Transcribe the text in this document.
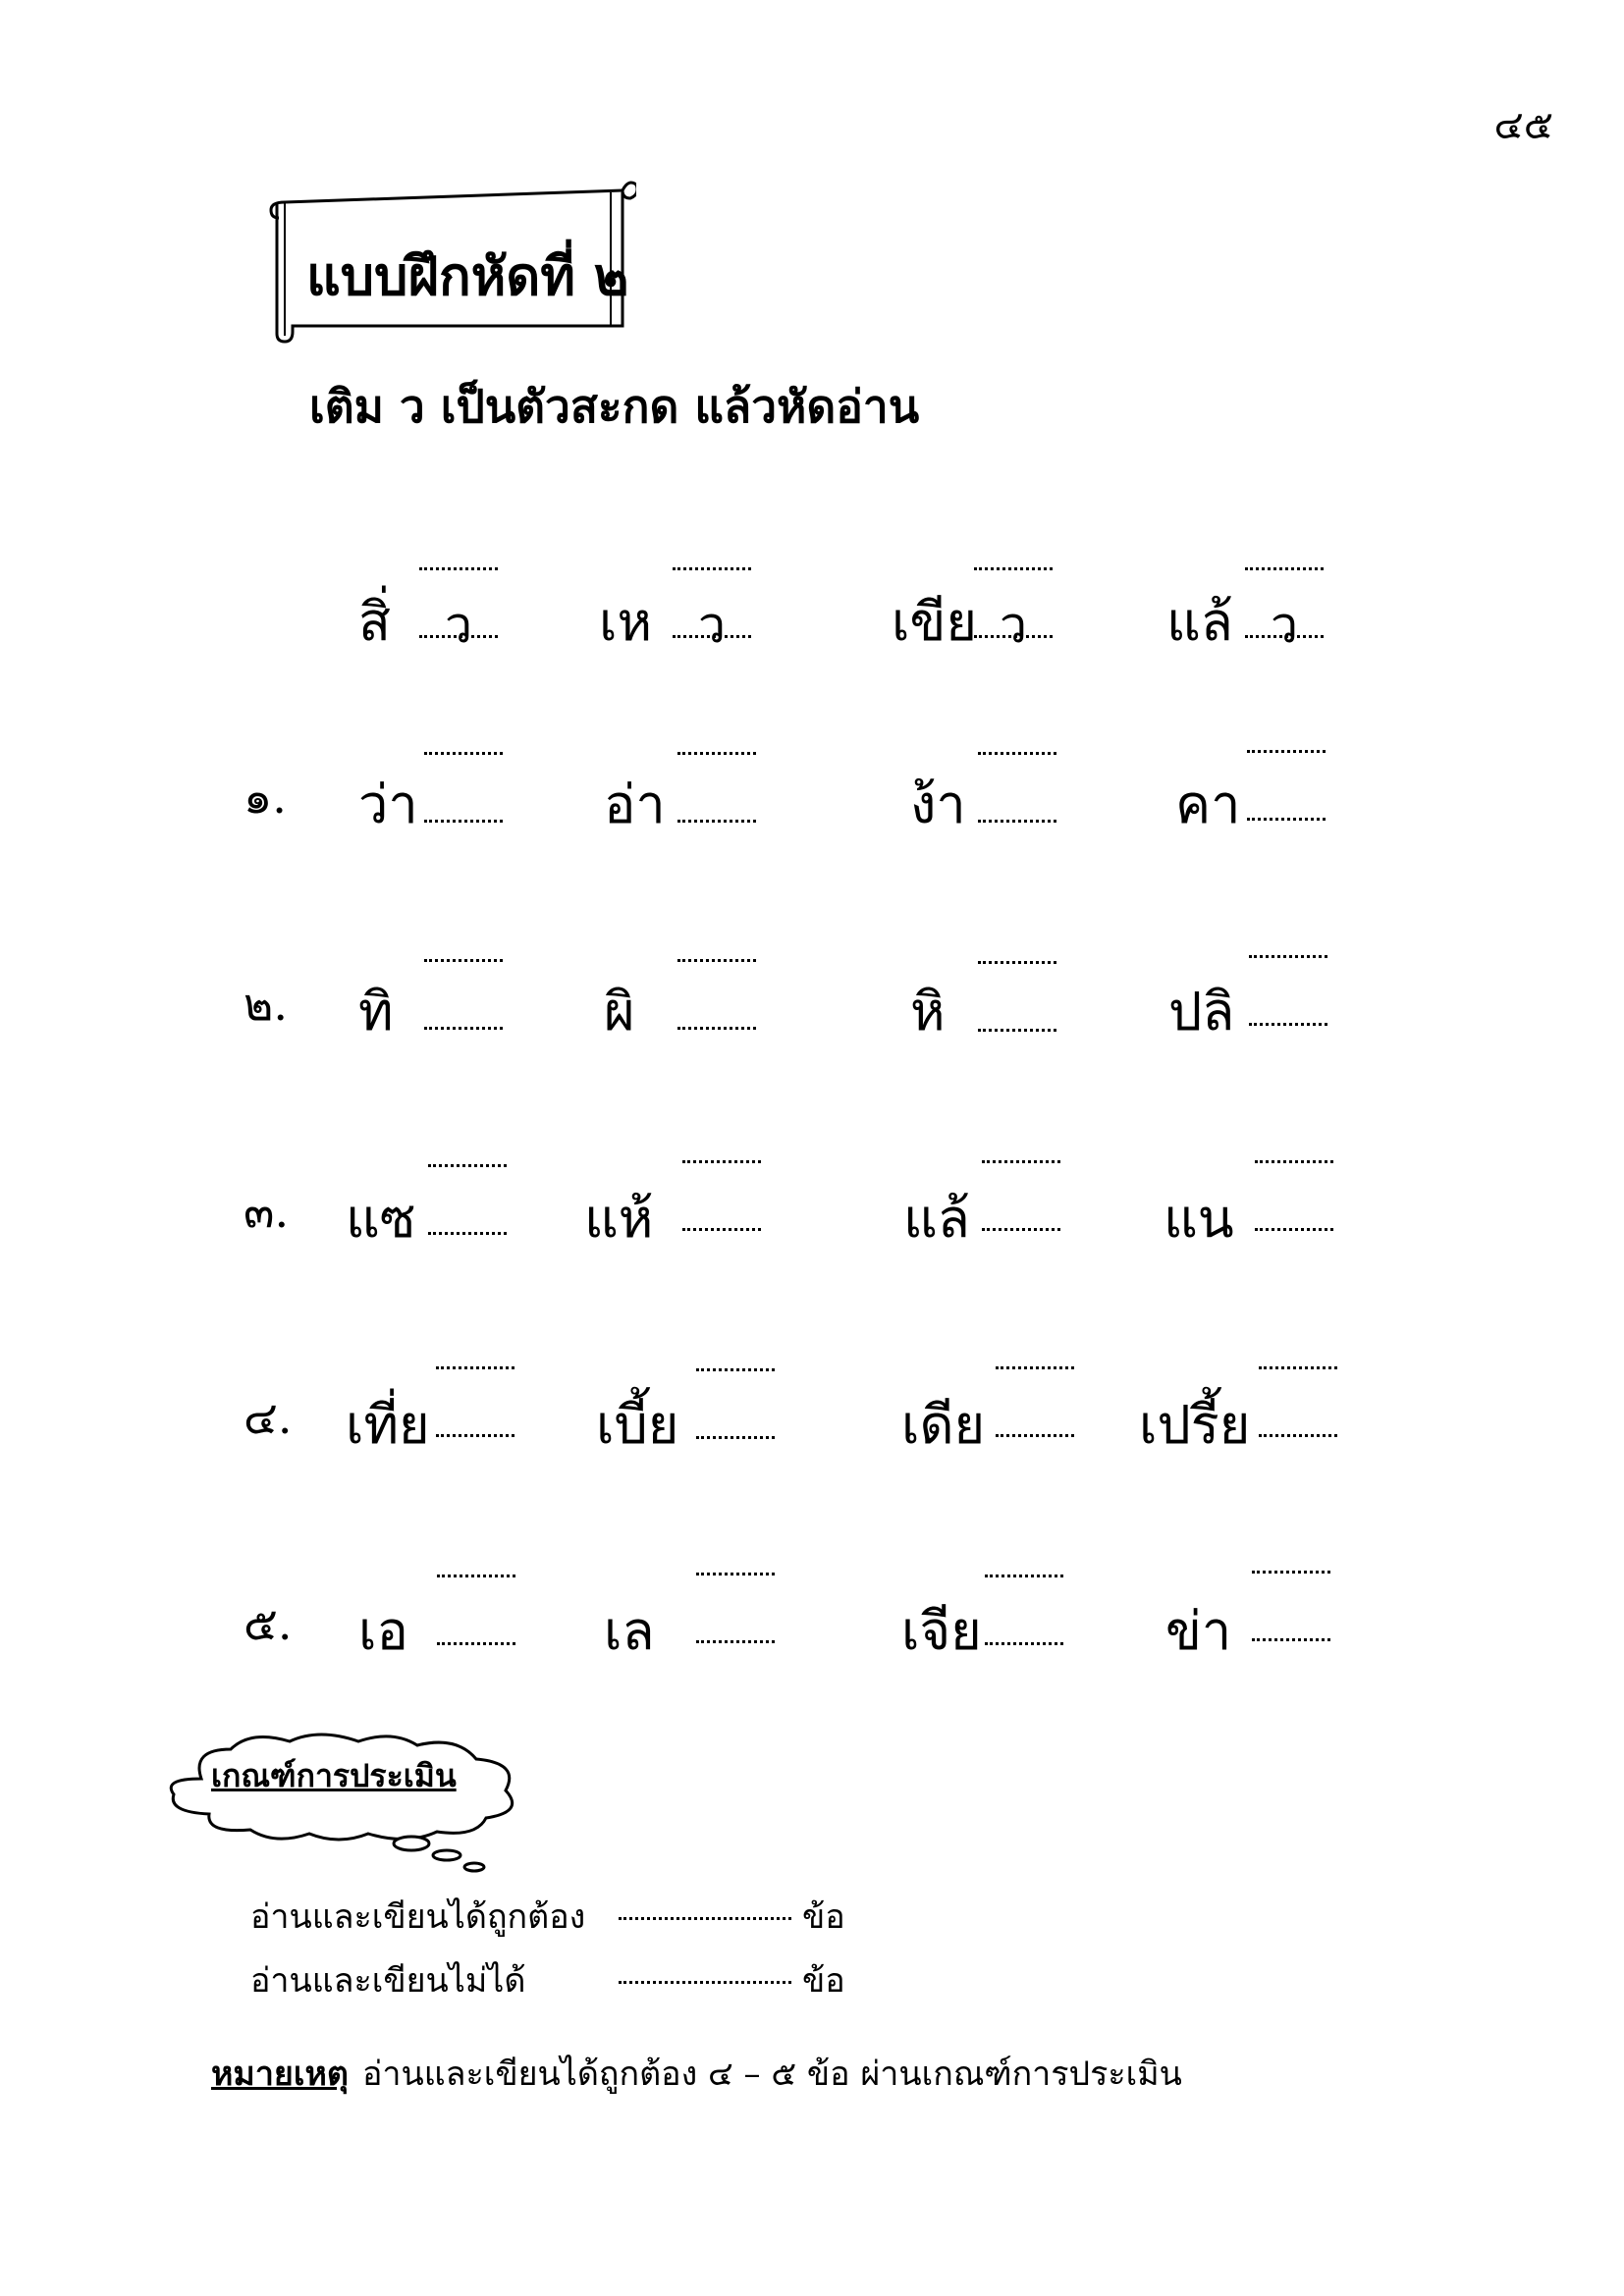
๔๕
แบบฝึกหัดที่ ๒
เติม ว เป็นตัวสะกด แล้วหัดอ่าน
สิ่	ว	เห ว	เขีย ว	แล้ ว
๑. ว่า	อ่า	ง้า	คา
๒. ทิ	ผิ	หิ	ปลิ
๓. แซ	แห้	แล้	แน
๔. เที่ย	เบี้ย	เดีย	เปรี้ย
๕. เอ	เล	เจีย	ข่า
เกณฑ์การประเมิน
อ่านและเขียนได้ถูกต้อง	ข้อ
อ่านและเขียนไม่ได้	ข้อ
หมายเหตุ อ่านและเขียนได้ถูกต้อง ๔ – ๕ ข้อ ผ่านเกณฑ์การประเมิน
